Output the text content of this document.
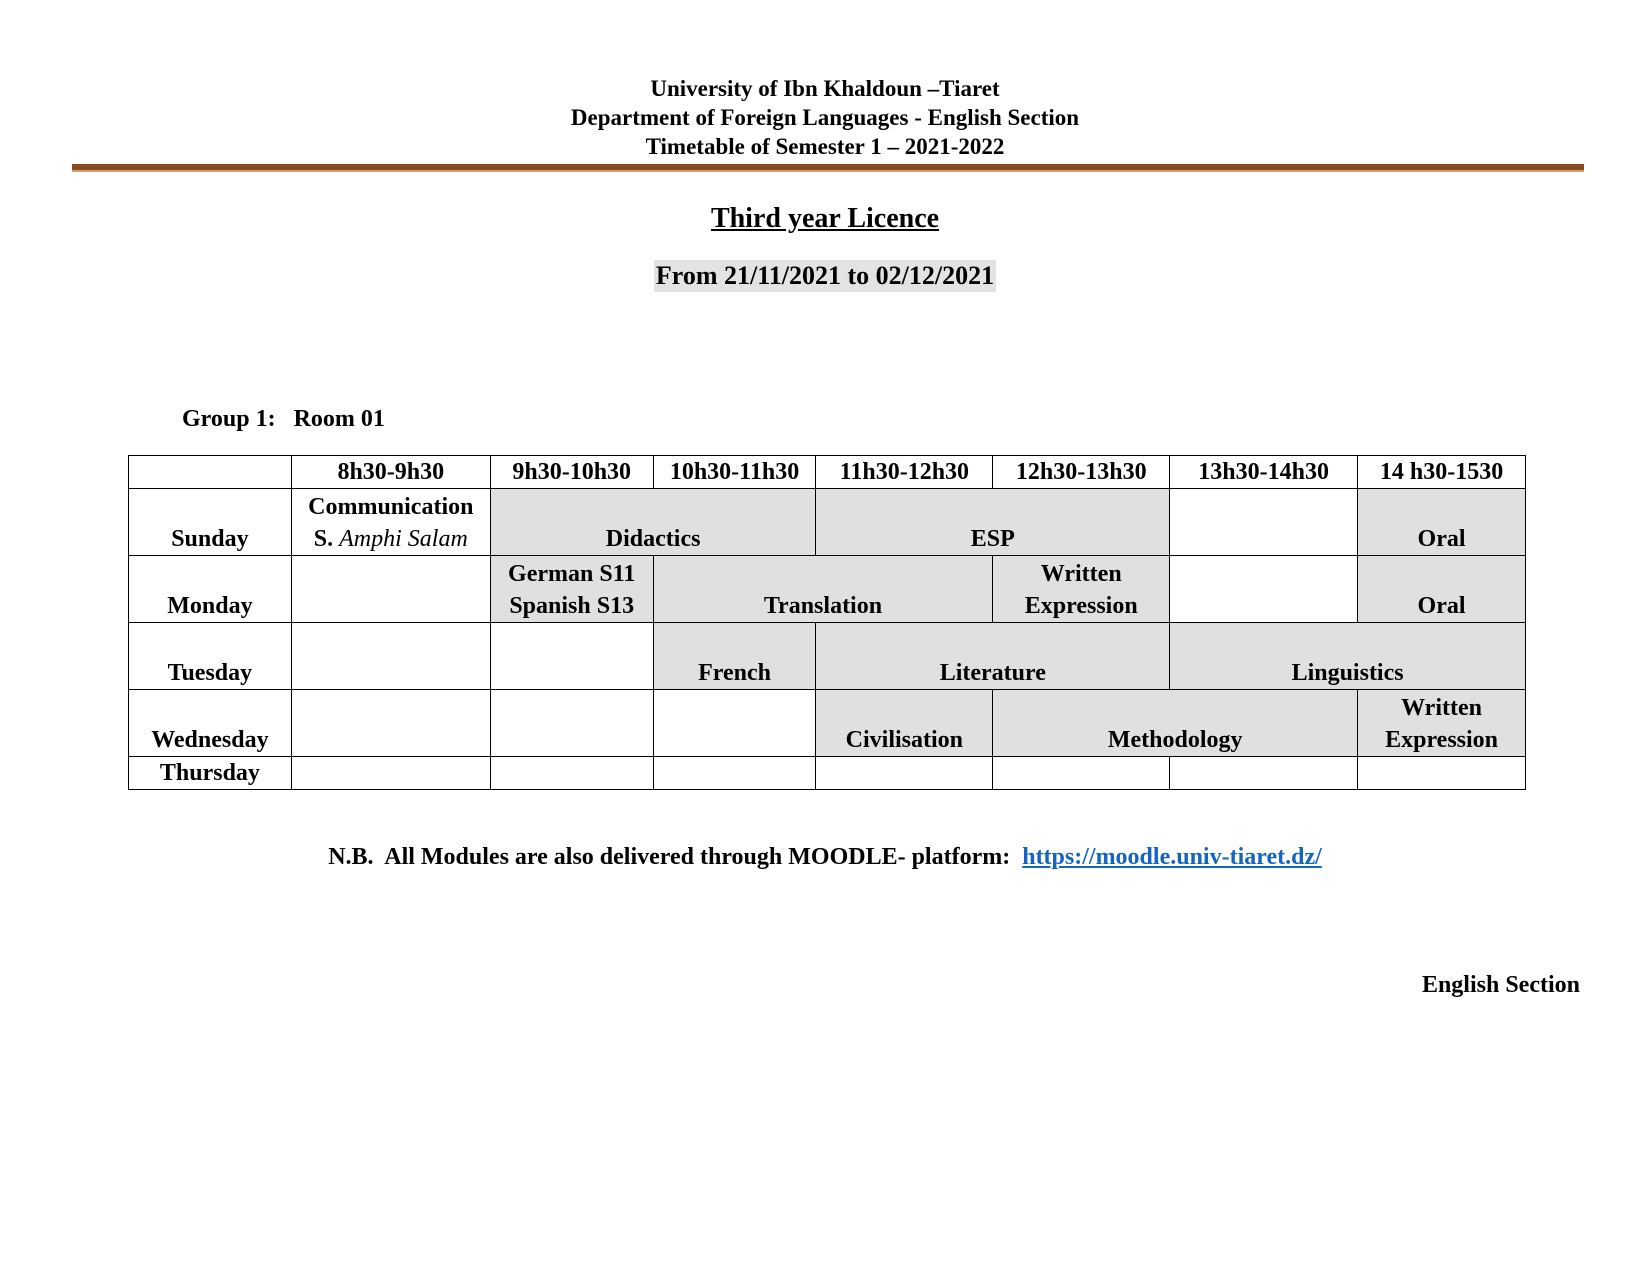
University of Ibn Khaldoun –Tiaret
Department of Foreign Languages - English Section
Timetable of Semester 1 – 2021-2022
Third year Licence
From 21/11/2021 to 02/12/2021
Group 1:   Room 01
	8h30-9h30	9h30-10h30	10h30-11h30	11h30-12h30	12h30-13h30	13h30-14h30	14 h30-1530
Sunday	Communication
S. Amphi Salam	Didactics		ESP			Oral
Monday		German S11
Spanish S13	Translation		Written
Expression		Oral
Tuesday			French	Literature		Linguistics	
Wednesday				Civilisation	Methodology		Written
Expression

Thursday							
N.B.  All Modules are also delivered through MOODLE- platform:  https://moodle.univ-tiaret.dz/
English Section
